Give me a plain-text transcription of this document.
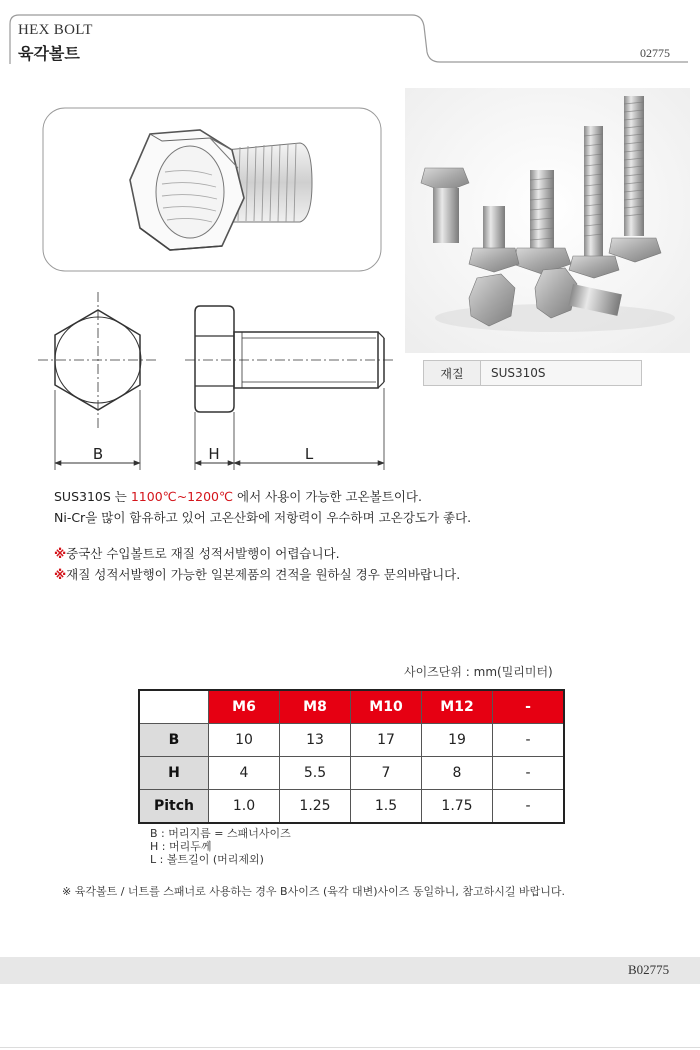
HEX BOLT
육각볼트	02775
B	H	L
재질	SUS310S
SUS310S 는 1100℃~1200℃ 에서 사용이 가능한 고온볼트이다.
Ni-Cr을 많이 함유하고 있어 고온산화에 저항력이 우수하며 고온강도가 좋다.
※중국산 수입볼트로 재질 성적서발행이 어렵습니다.
※재질 성적서발행이 가능한 일본제품의 견적을 원하실 경우 문의바랍니다.
사이즈단위 : mm(밀리미터)
	M6	M8	M10	M12	-
B	10	13	17	19	-
H	4	5.5	7	8	-
Pitch	1.0	1.25	1.5	1.75	-
B : 머리지름 = 스패너사이즈
H : 머리두께
L : 볼트길이 (머리제외)
※ 육각볼트 / 너트를 스패너로 사용하는 경우 B사이즈 (육각 대변)사이즈 동일하니, 참고하시길 바랍니다.
B02775
